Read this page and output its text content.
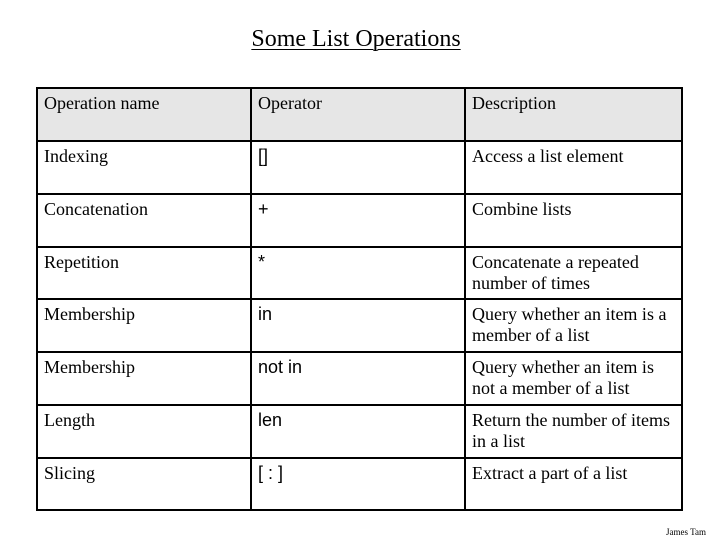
Some List Operations
Operation name	Operator	Description
Indexing	[]	Access a list element
Concatenation	+	Combine lists
Repetition	*	Concatenate a repeated number of times
Membership	in	Query whether an item is a member of a list
Membership	not in	Query whether an item is not a member of a list
Length	len	Return the number of items in a list
Slicing	[ : ]	Extract a part of a list
James Tam
